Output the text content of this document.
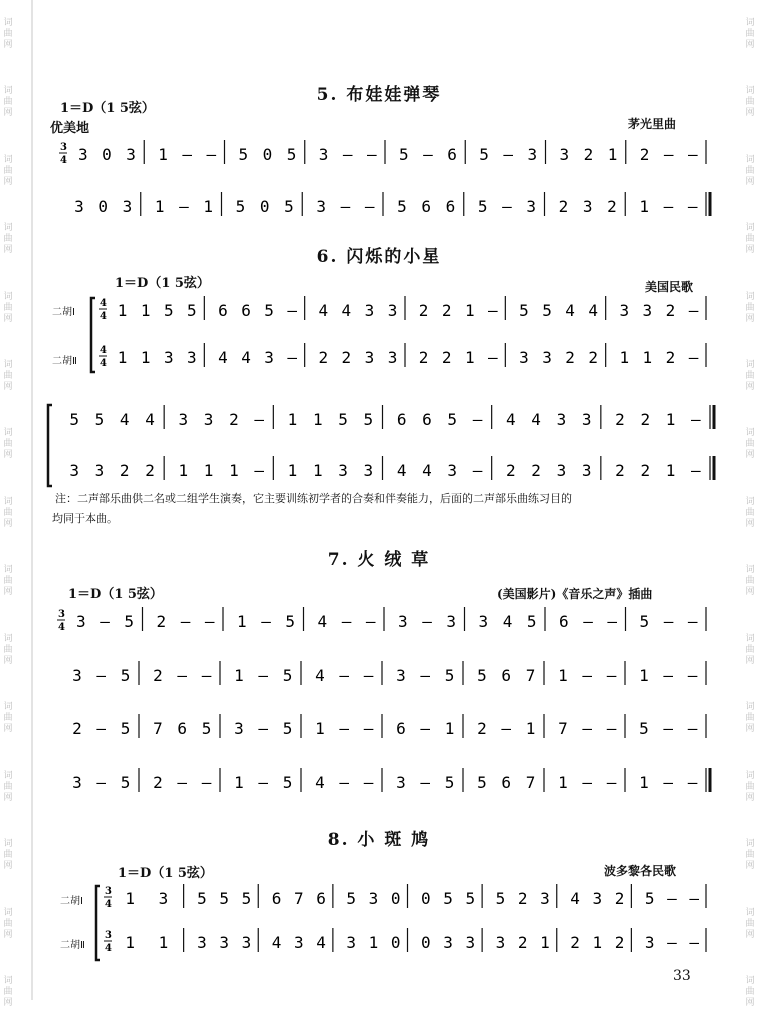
词
曲
网
词
曲
网
词
曲
网
词
曲
网
词
曲
网
词
曲
网
词
曲
网
词
曲
网
词
曲
网
词
曲
网
词
曲
网
词
曲
网
词
曲
网
词
曲
网
词
曲
网
词
曲
网
词
曲
网
词
曲
网
词
曲
网
词
曲
网
词
曲
网
词
曲
网
词
曲
网
词
曲
网
词
曲
网
词
曲
网
词
曲
网
词
曲
网
词
曲
网
词
曲
网
5. 布娃娃弹琴
1＝D（1 5弦）
优美地	茅光里曲
3
4 3 0 3 1 – – 5 0 5 3 – – 5 – 6 5 – 3 3 2 1 2 – –
3 0 3 1 – 1 5 0 5 3 – – 5 6 6 5 – 3 2 3 2 1 – –
6. 闪烁的小星
1＝D（1 5弦）	美国民歌
二胡Ⅰ
二胡Ⅱ
4
4 1 1 5 5 6 6 5 – 4 4 3 3 2 2 1 – 5 5 4 4 3 3 2 –
4
4 1 1 3 3 4 4 3 – 2 2 3 3 2 2 1 – 3 3 2 2 1 1 2 –
5 5 4 4 3 3 2 – 1 1 5 5 6 6 5 – 4 4 3 3 2 2 1 –
3 3 2 2 1 1 1 – 1 1 3 3 4 4 3 – 2 2 3 3 2 2 1 –
注：二声部乐曲供二名或二组学生演奏，它主要训练初学者的合奏和伴奏能力，后面的二声部乐曲练习目的
均同于本曲。
7. 火 绒 草
1＝D（1 5弦）	(美国影片)《音乐之声》插曲
3
4 3 – 5 2 – – 1 – 5 4 – – 3 – 3 3 4 5 6 – – 5 – –
3 – 5 2 – – 1 – 5 4 – – 3 – 5 5 6 7 1 – – 1 – –
2 – 5 7 6 5 3 – 5 1 – – 6 – 1 2 – 1 7 – – 5 – –
3 – 5 2 – – 1 – 5 4 – – 3 – 5 5 6 7 1 – – 1 – –
8. 小 斑 鸠
1＝D（1 5弦）	波多黎各民歌
二胡Ⅰ
二胡Ⅱ
3
4 1 3 5 5 5 6 7 6 5 3 0 0 5 5 5 2 3 4 3 2 5 – –
3
4 1 1 3 3 3 4 3 4 3 1 0 0 3 3 3 2 1 2 1 2 3 – –
33
